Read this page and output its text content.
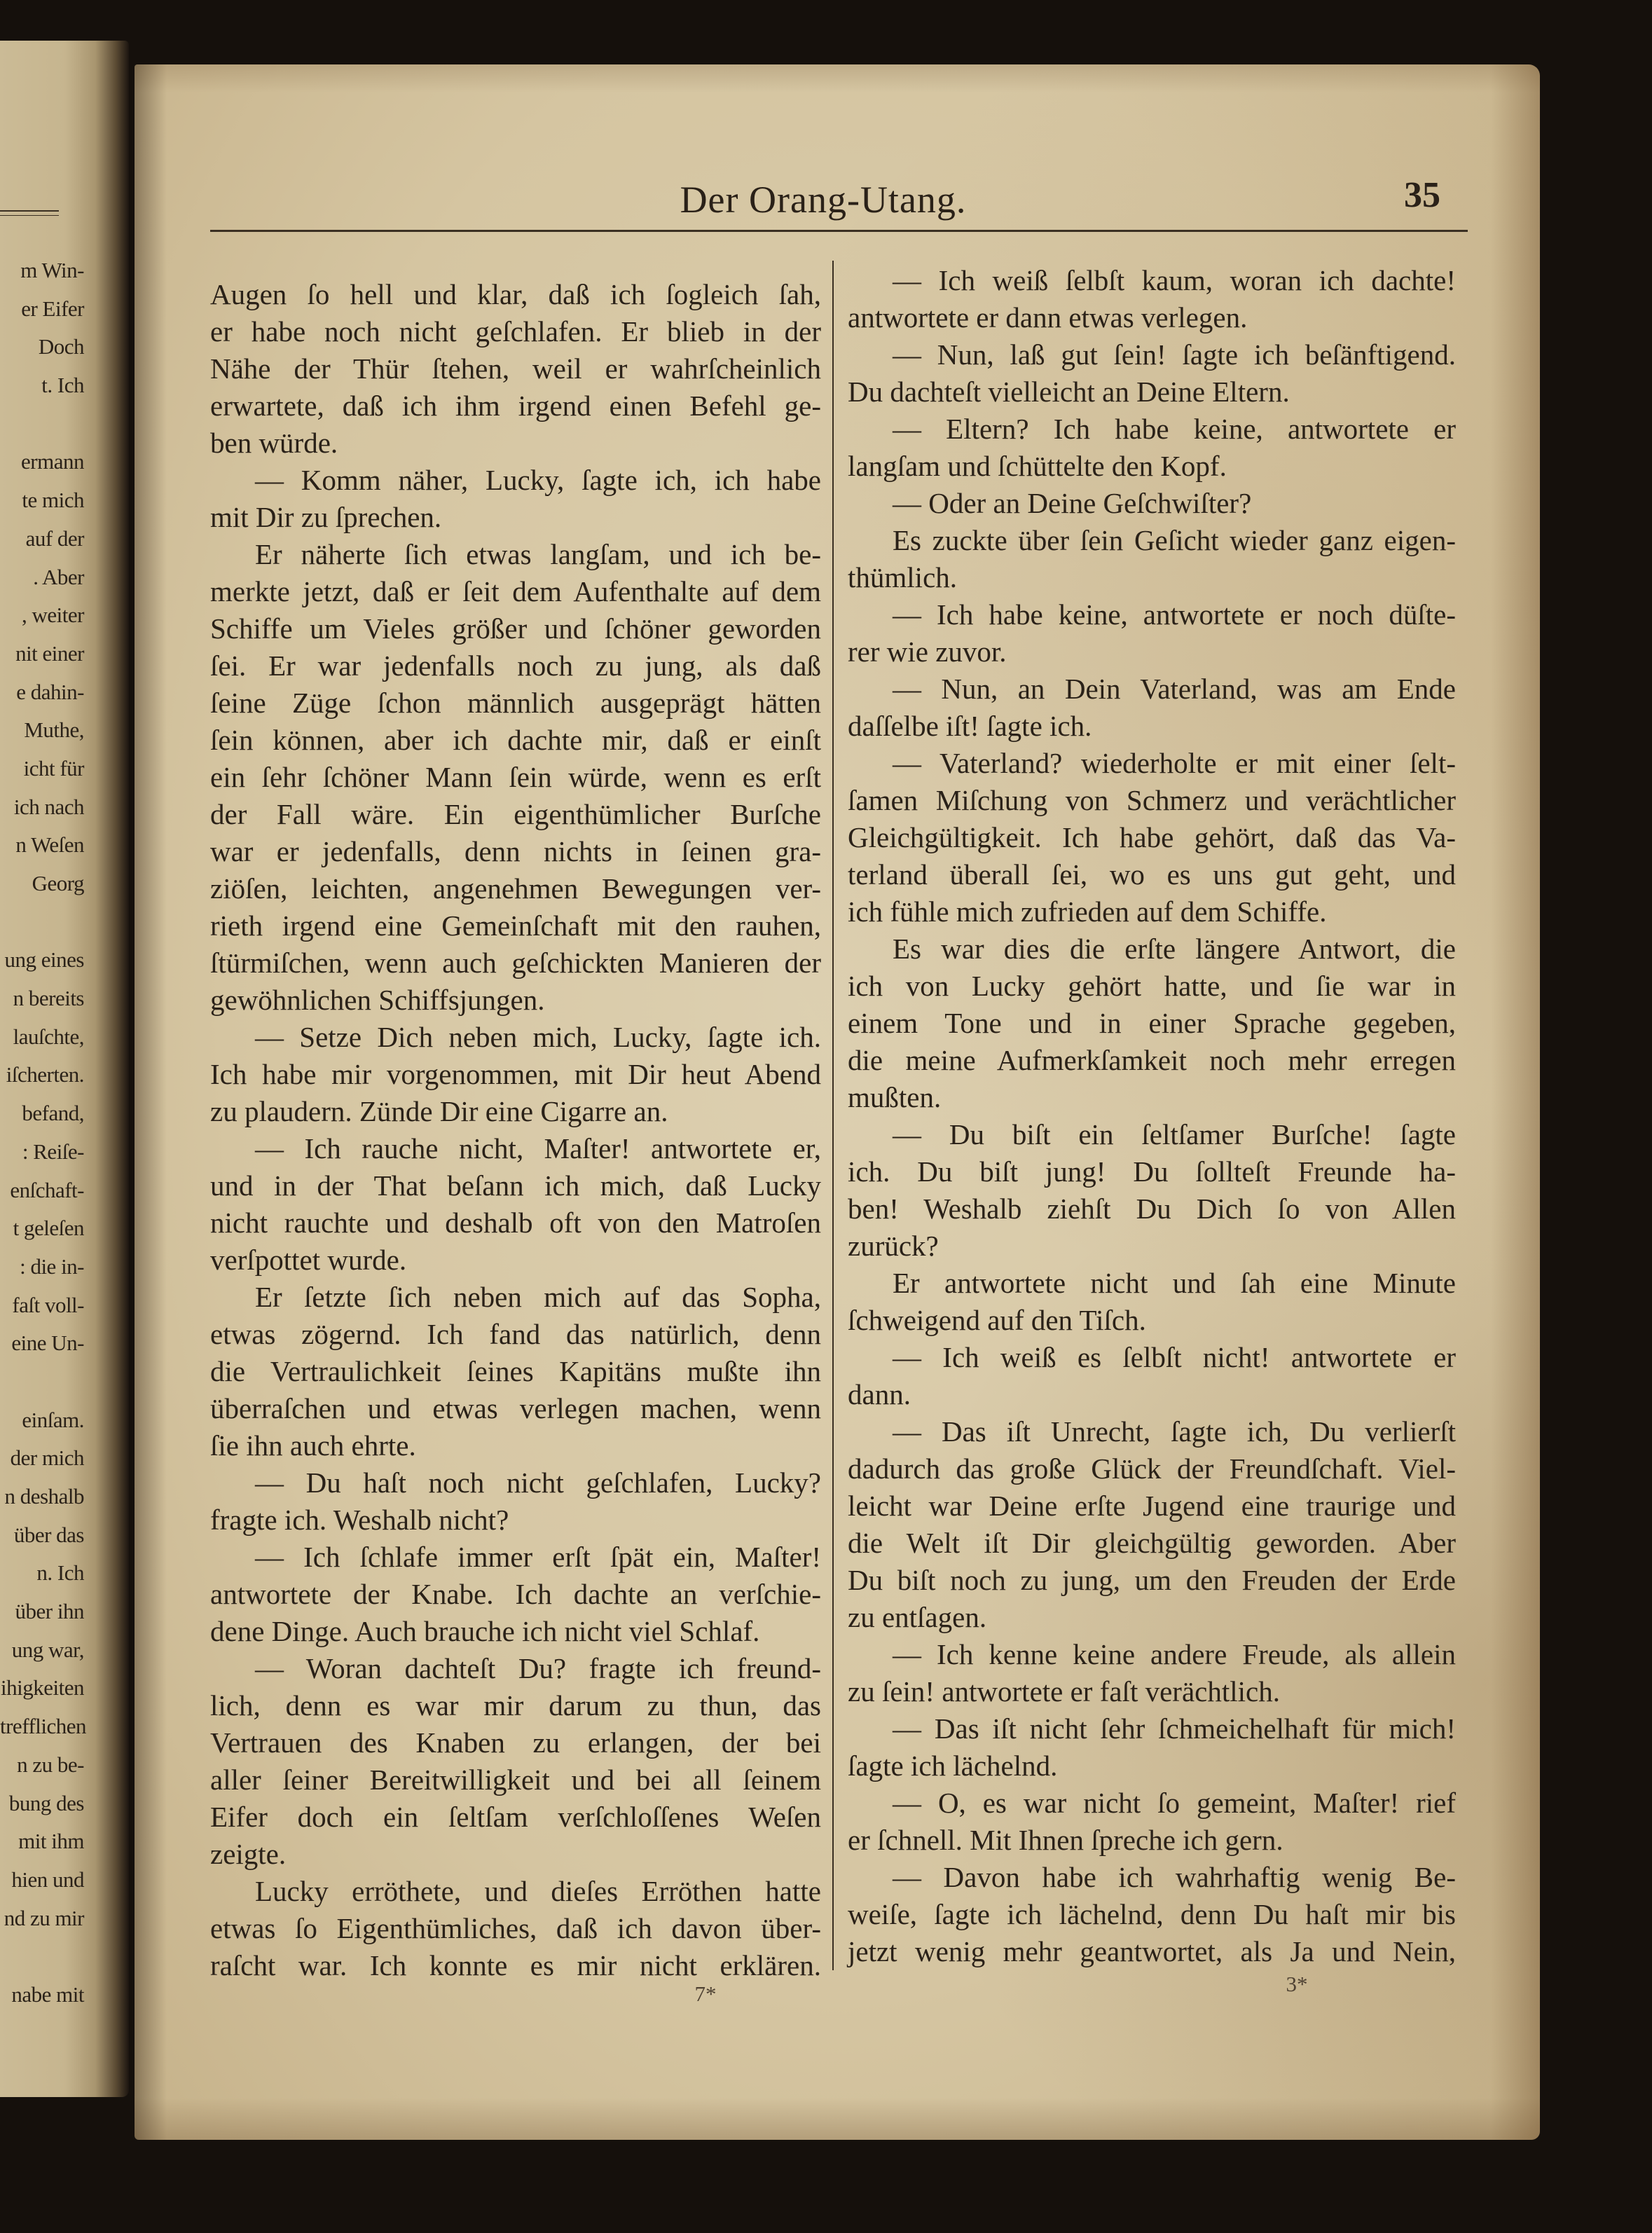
m Win-
er Eifer
Doch
t. Ich
ermann
te mich
auf der
. Aber
, weiter
nit einer
e dahin-
Muthe,
icht für
ich nach
n Weſen
Georg
ung eines
n bereits
lauſchte,
iſcherten.
befand,
: Reiſe-
enſchaft-
t geleſen
: die in-
faſt voll-
eine Un-
einſam.
der mich
n deshalb
über das
n. Ich
über ihn
ung war,
ihigkeiten
trefflichen
n zu be-
bung des
mit ihm
hien und
nd zu mir
nabe mit
Der Orang-Utang.	35
Augen ſo hell und klar, daß ich ſogleich ſah,
er habe noch nicht geſchlafen. Er blieb in der
Nähe der Thür ſtehen, weil er wahrſcheinlich
erwartete, daß ich ihm irgend einen Befehl ge-
ben würde.
— Komm näher, Lucky, ſagte ich, ich habe
mit Dir zu ſprechen.
Er näherte ſich etwas langſam, und ich be-
merkte jetzt, daß er ſeit dem Aufenthalte auf dem
Schiffe um Vieles größer und ſchöner geworden
ſei. Er war jedenfalls noch zu jung, als daß
ſeine Züge ſchon männlich ausgeprägt hätten
ſein können, aber ich dachte mir, daß er einſt
ein ſehr ſchöner Mann ſein würde, wenn es erſt
der Fall wäre. Ein eigenthümlicher Burſche
war er jedenfalls, denn nichts in ſeinen gra-
ziöſen, leichten, angenehmen Bewegungen ver-
rieth irgend eine Gemeinſchaft mit den rauhen,
ſtürmiſchen, wenn auch geſchickten Manieren der
gewöhnlichen Schiffsjungen.
— Setze Dich neben mich, Lucky, ſagte ich.
Ich habe mir vorgenommen, mit Dir heut Abend
zu plaudern. Zünde Dir eine Cigarre an.
— Ich rauche nicht, Maſter! antwortete er,
und in der That beſann ich mich, daß Lucky
nicht rauchte und deshalb oft von den Matroſen
verſpottet wurde.
Er ſetzte ſich neben mich auf das Sopha,
etwas zögernd. Ich fand das natürlich, denn
die Vertraulichkeit ſeines Kapitäns mußte ihn
überraſchen und etwas verlegen machen, wenn
ſie ihn auch ehrte.
— Du haſt noch nicht geſchlafen, Lucky?
fragte ich. Weshalb nicht?
— Ich ſchlafe immer erſt ſpät ein, Maſter!
antwortete der Knabe. Ich dachte an verſchie-
dene Dinge. Auch brauche ich nicht viel Schlaf.
— Woran dachteſt Du? fragte ich freund-
lich, denn es war mir darum zu thun, das
Vertrauen des Knaben zu erlangen, der bei
aller ſeiner Bereitwilligkeit und bei all ſeinem
Eifer doch ein ſeltſam verſchloſſenes Weſen
zeigte.
Lucky erröthete, und dieſes Erröthen hatte
etwas ſo Eigenthümliches, daß ich davon über-
raſcht war. Ich konnte es mir nicht erklären.
— Ich weiß ſelbſt kaum, woran ich dachte!
antwortete er dann etwas verlegen.
— Nun, laß gut ſein! ſagte ich beſänftigend.
Du dachteſt vielleicht an Deine Eltern.
— Eltern? Ich habe keine, antwortete er
langſam und ſchüttelte den Kopf.
— Oder an Deine Geſchwiſter?
Es zuckte über ſein Geſicht wieder ganz eigen-
thümlich.
— Ich habe keine, antwortete er noch düſte-
rer wie zuvor.
— Nun, an Dein Vaterland, was am Ende
daſſelbe iſt! ſagte ich.
— Vaterland? wiederholte er mit einer ſelt-
ſamen Miſchung von Schmerz und verächtlicher
Gleichgültigkeit. Ich habe gehört, daß das Va-
terland überall ſei, wo es uns gut geht, und
ich fühle mich zufrieden auf dem Schiffe.
Es war dies die erſte längere Antwort, die
ich von Lucky gehört hatte, und ſie war in
einem Tone und in einer Sprache gegeben,
die meine Aufmerkſamkeit noch mehr erregen
mußten.
— Du biſt ein ſeltſamer Burſche! ſagte
ich. Du biſt jung! Du ſollteſt Freunde ha-
ben! Weshalb ziehſt Du Dich ſo von Allen
zurück?
Er antwortete nicht und ſah eine Minute
ſchweigend auf den Tiſch.
— Ich weiß es ſelbſt nicht! antwortete er
dann.
— Das iſt Unrecht, ſagte ich, Du verlierſt
dadurch das große Glück der Freundſchaft. Viel-
leicht war Deine erſte Jugend eine traurige und
die Welt iſt Dir gleichgültig geworden. Aber
Du biſt noch zu jung, um den Freuden der Erde
zu entſagen.
— Ich kenne keine andere Freude, als allein
zu ſein! antwortete er faſt verächtlich.
— Das iſt nicht ſehr ſchmeichelhaft für mich!
ſagte ich lächelnd.
— O, es war nicht ſo gemeint, Maſter! rief
er ſchnell. Mit Ihnen ſpreche ich gern.
— Davon habe ich wahrhaftig wenig Be-
weiſe, ſagte ich lächelnd, denn Du haſt mir bis
jetzt wenig mehr geantwortet, als Ja und Nein,
7*	3*
